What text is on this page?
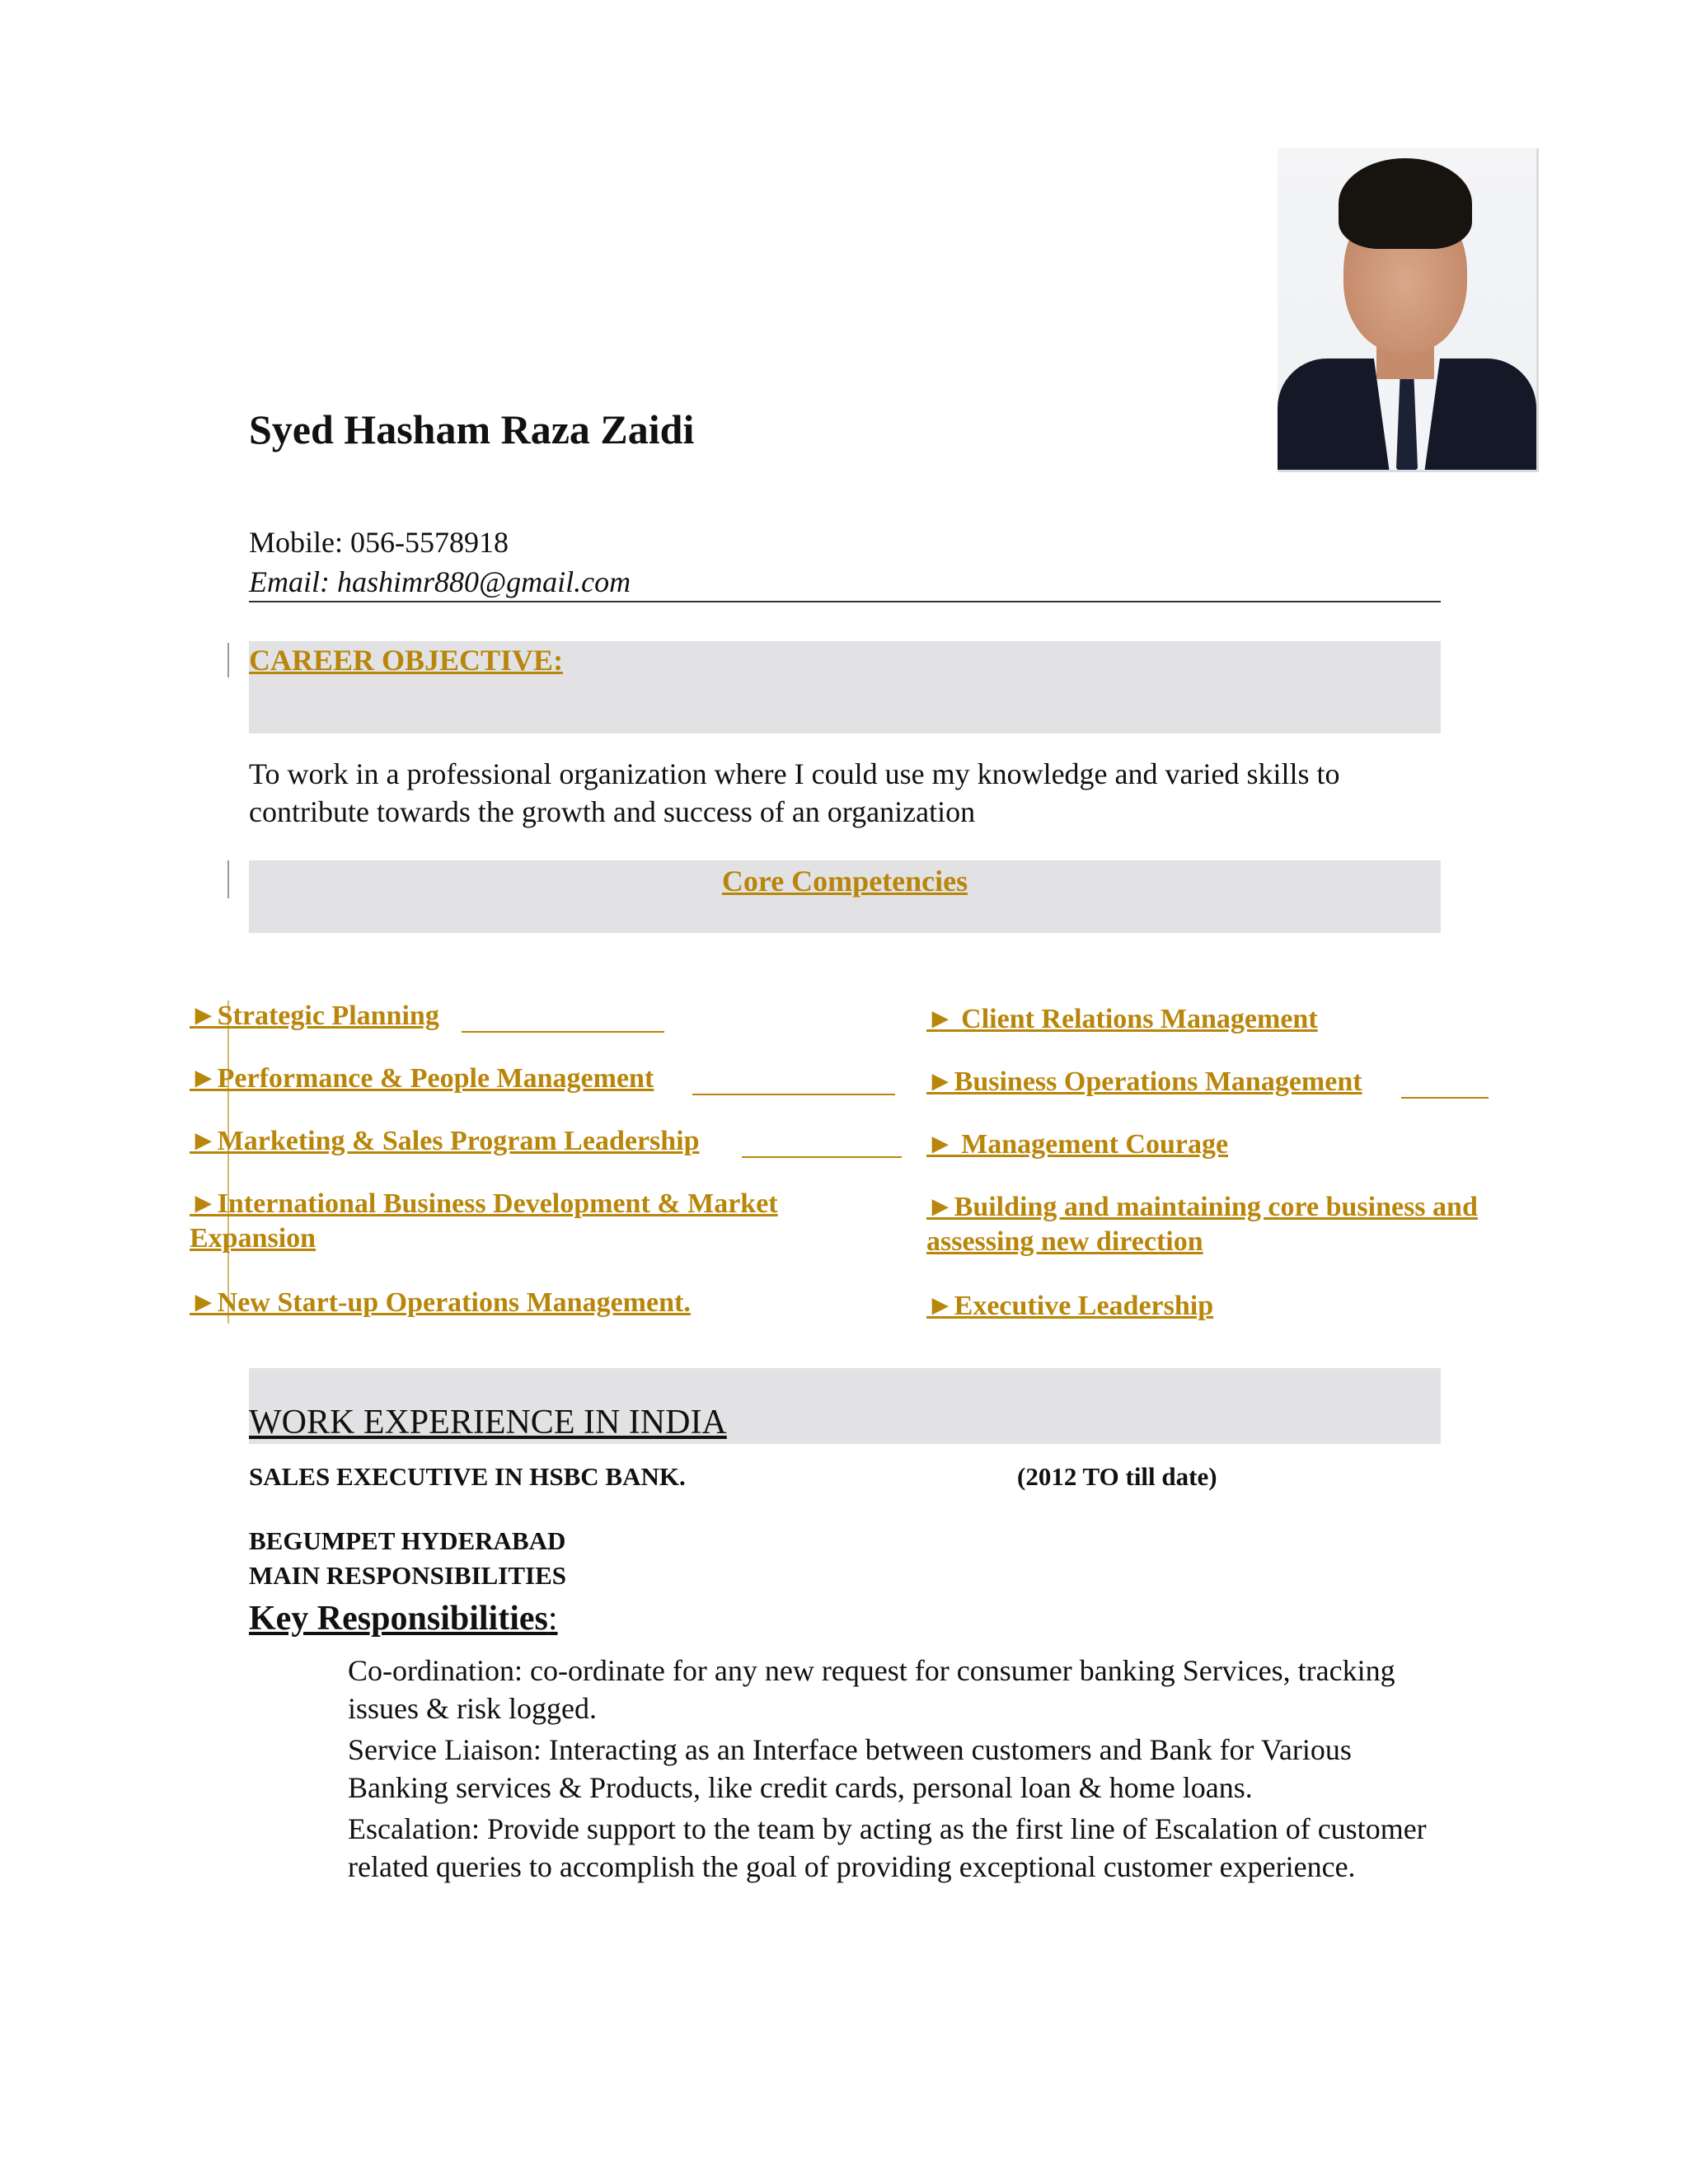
Syed Hasham Raza Zaidi
Mobile: 056-5578918
Email: hashimr880@gmail.com
CAREER OBJECTIVE:
To work in a professional organization where I could use my knowledge and varied skills to contribute towards the growth and success of an organization
Core Competencies
►Strategic Planning
►Performance & People Management
►Marketing & Sales Program Leadership
►International Business Development & Market Expansion
►New Start-up Operations Management.
► Client Relations Management
►Business Operations Management
► Management Courage
►Building and maintaining core business and assessing new direction
►Executive Leadership
WORK EXPERIENCE IN INDIA
SALES EXECUTIVE IN HSBC BANK.	(2012 TO till date)
BEGUMPET HYDERABAD
MAIN RESPONSIBILITIES
Key Responsibilities:
Co-ordination: co-ordinate for any new request for consumer banking Services, tracking issues & risk logged.
Service Liaison: Interacting as an Interface between customers and Bank for Various Banking services & Products, like credit cards, personal loan & home loans.
Escalation: Provide support to the team by acting as the first line of Escalation of customer related queries to accomplish the goal of providing exceptional customer experience.
